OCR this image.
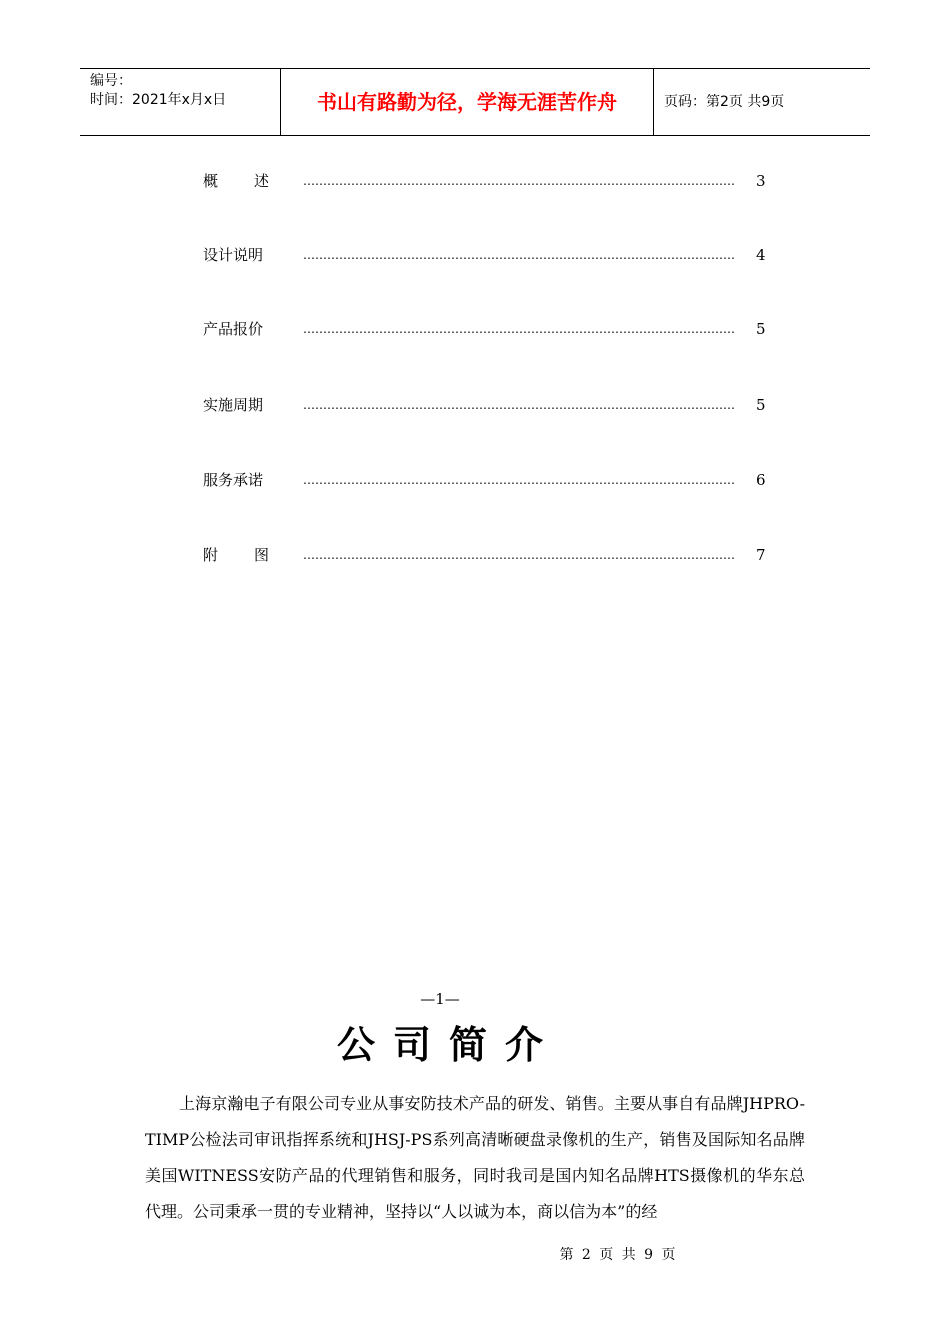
编号：
时间：2021年x月x日	书山有路勤为径，学海无涯苦作舟	页码：第2页 共9页
概 述	………………………………………………………………………………………………	3
设计说明	………………………………………………………………………………………………	4
产品报价	………………………………………………………………………………………………	5
实施周期	………………………………………………………………………………………………	5
服务承诺	………………………………………………………………………………………………	6
附 图	………………………………………………………………………………………………	7
—1—
公司简介
上海京瀚电子有限公司专业从事安防技术产品的研发、销售。主要从事自有品牌JHPRO-TIMP公检法司审讯指挥系统和JHSJ-PS系列高清晰硬盘录像机的生产，销售及国际知名品牌美国WITNESS安防产品的代理销售和服务，同时我司是国内知名品牌HTS摄像机的华东总代理。公司秉承一贯的专业精神，坚持以“人以诚为本，商以信为本”的经
第 2 页 共 9 页
